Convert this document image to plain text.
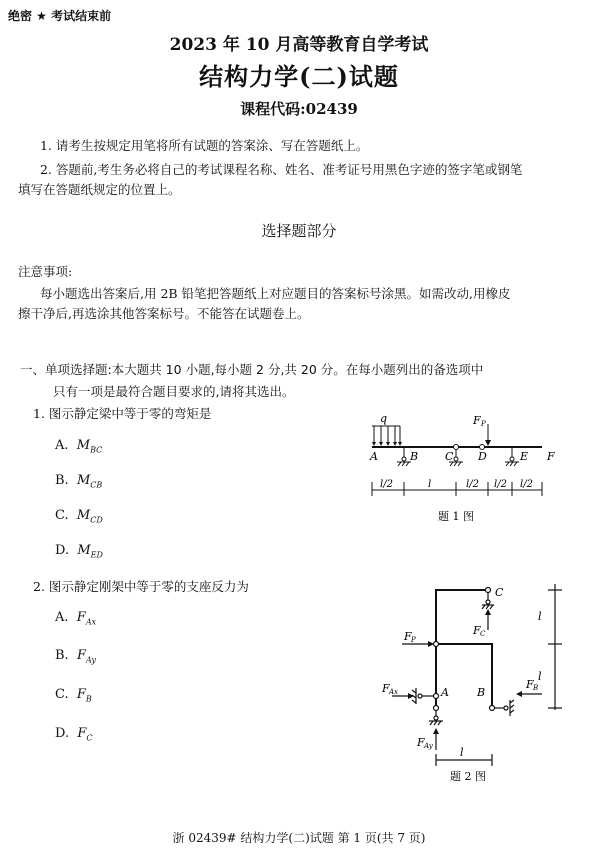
绝密 ★ 考试结束前
2023 年 10 月高等教育自学考试
结构力学(二)试题
课程代码:02439
1. 请考生按规定用笔将所有试题的答案涂、写在答题纸上。
2. 答题前,考生务必将自己的考试课程名称、姓名、准考证号用黑色字迹的签字笔或钢笔
填写在答题纸规定的位置上。
选择题部分
注意事项:
每小题选出答案后,用 2B 铅笔把答题纸上对应题目的答案标号涂黑。如需改动,用橡皮
擦干净后,再选涂其他答案标号。不能答在试题卷上。
一、单项选择题:本大题共 10 小题,每小题 2 分,共 20 分。在每小题列出的备选项中
只有一项是最符合题目要求的,请将其选出。
1. 图示静定梁中等于零的弯矩是
A. $M_{BC}$
B. $M_{CB}$
C. $M_{CD}$
D. $M_{ED}$
q	F P
A	B C D	E F
l/2	l	l/2 l/2 l/2
题 1 图
2. 图示静定刚架中等于零的支座反力为
A. $F_{Ax}$
B. $F_{Ay}$
C. $F_B$
D. $F_C$
C
F C
F P
F Ax	A	B
F B
F Ay
l
l
l
题 2 图
浙 02439# 结构力学(二)试题 第 1 页(共 7 页)
